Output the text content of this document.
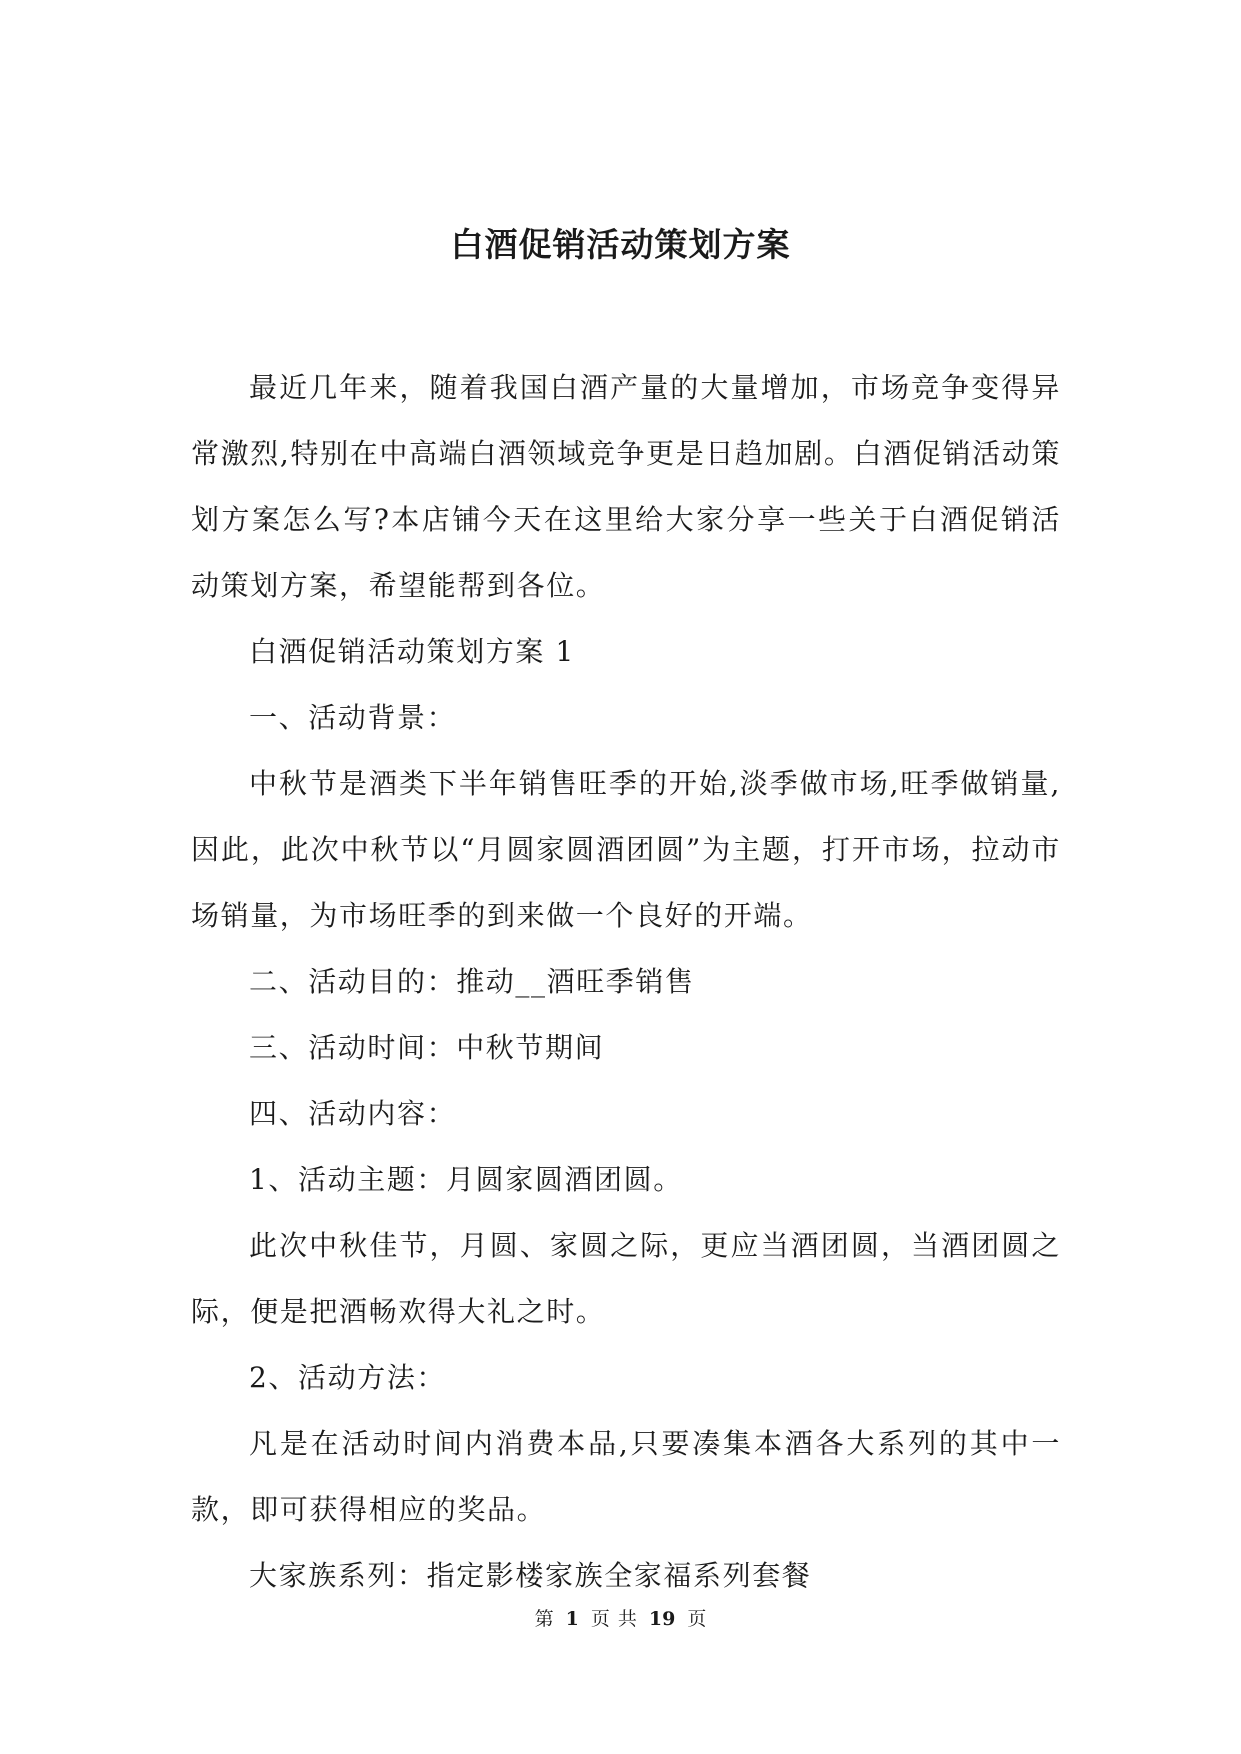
白酒促销活动策划方案

最近几年来，随着我国白酒产量的大量增加，市场竞争变得异常激烈,特别在中高端白酒领域竞争更是日趋加剧。白酒促销活动策划方案怎么写?本店铺今天在这里给大家分享一些关于白酒促销活动策划方案，希望能帮到各位。

白酒促销活动策划方案 1

一、活动背景：

中秋节是酒类下半年销售旺季的开始,淡季做市场,旺季做销量,因此，此次中秋节以“月圆家圆酒团圆”为主题，打开市场，拉动市场销量，为市场旺季的到来做一个良好的开端。

二、活动目的：推动__酒旺季销售

三、活动时间：中秋节期间

四、活动内容：

1、活动主题：月圆家圆酒团圆。

此次中秋佳节，月圆、家圆之际，更应当酒团圆，当酒团圆之际，便是把酒畅欢得大礼之时。

2、活动方法：

凡是在活动时间内消费本品,只要凑集本酒各大系列的其中一款，即可获得相应的奖品。

大家族系列：指定影楼家族全家福系列套餐

第 1 页 共 19 页
